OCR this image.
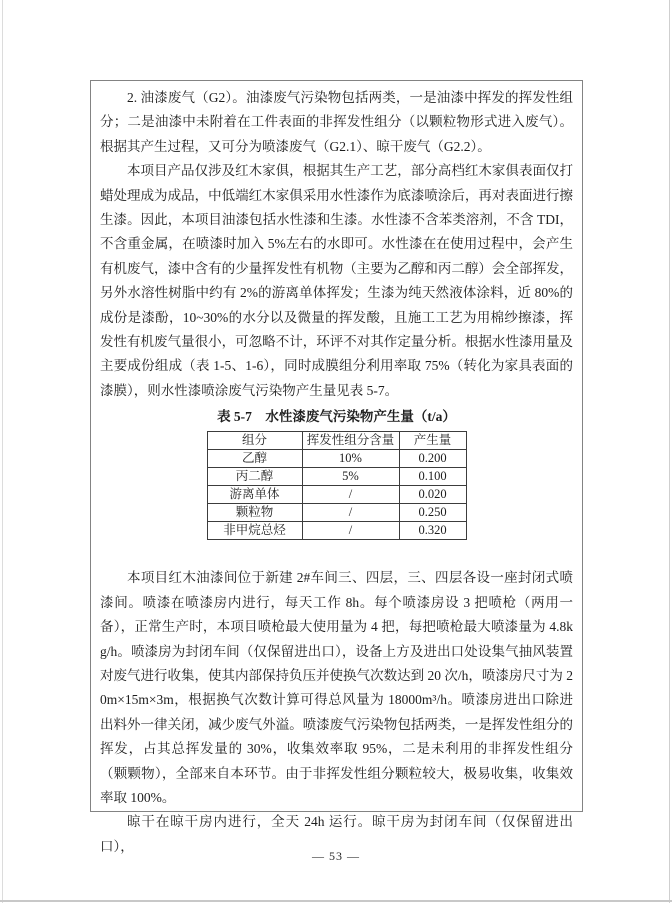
2. 油漆废气（G2）。油漆废气污染物包括两类，一是油漆中挥发的挥发性组分；二是油漆中未附着在工件表面的非挥发性组分（以颗粒物形式进入废气）。根据其产生过程，又可分为喷漆废气（G2.1）、晾干废气（G2.2）。

本项目产品仅涉及红木家俱，根据其生产工艺，部分高档红木家俱表面仅打蜡处理成为成品，中低端红木家俱采用水性漆作为底漆喷涂后，再对表面进行擦生漆。因此，本项目油漆包括水性漆和生漆。水性漆不含苯类溶剂，不含 TDI，不含重金属，在喷漆时加入 5%左右的水即可。水性漆在在使用过程中，会产生有机废气，漆中含有的少量挥发性有机物（主要为乙醇和丙二醇）会全部挥发，另外水溶性树脂中约有 2%的游离单体挥发；生漆为纯天然液体涂料，近 80%的成份是漆酚，10~30%的水分以及微量的挥发酸，且施工工艺为用棉纱擦漆，挥发性有机废气量很小，可忽略不计，环评不对其作定量分析。根据水性漆用量及主要成份组成（表 1-5、1-6），同时成膜组分利用率取 75%（转化为家具表面的漆膜），则水性漆喷涂废气污染物产生量见表 5-7。

表 5-7　水性漆废气污染物产生量（t/a）
组分	挥发性组分含量	产生量
乙醇	10%	0.200
丙二醇	5%	0.100
游离单体	/	0.020
颗粒物	/	0.250
非甲烷总烃	/	0.320

本项目红木油漆间位于新建 2#车间三、四层，三、四层各设一座封闭式喷漆间。喷漆在喷漆房内进行，每天工作 8h。每个喷漆房设 3 把喷枪（两用一备），正常生产时，本项目喷枪最大使用量为 4 把，每把喷枪最大喷漆量为 4.8kg/h。喷漆房为封闭车间（仅保留进出口），设备上方及进出口处设集气抽风装置对废气进行收集，使其内部保持负压并使换气次数达到 20 次/h，喷漆房尺寸为 20m×15m×3m，根据换气次数计算可得总风量为 18000m³/h。喷漆房进出口除进出料外一律关闭，减少废气外溢。喷漆废气污染物包括两类，一是挥发性组分的挥发，占其总挥发量的 30%，收集效率取 95%，二是未利用的非挥发性组分（颗颗物），全部来自本环节。由于非挥发性组分颗粒较大，极易收集，收集效率取 100%。

晾干在晾干房内进行，全天 24h 运行。晾干房为封闭车间（仅保留进出口），

— 53 —
